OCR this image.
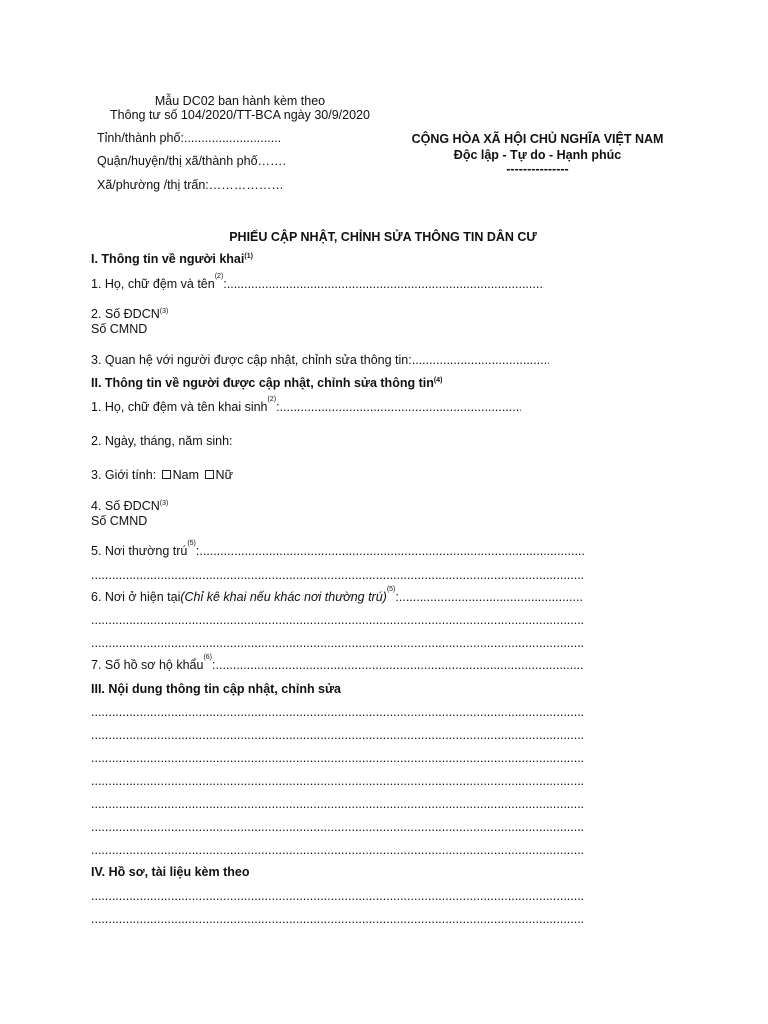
Mẫu DC02 ban hành kèm theo
Thông tư số 104/2020/TT-BCA ngày 30/9/2020
Tỉnh/thành phố:............................
Quận/huyện/thị xã/thành phố…….
Xã/phường /thị trấn:………………
CỘNG HÒA XÃ HỘI CHỦ NGHĨA VIỆT NAM
Độc lập - Tự do - Hạnh phúc
---------------
PHIẾU CẬP NHẬT, CHỈNH SỬA THÔNG TIN DÂN CƯ
I. Thông tin về người khai$^{(1)}$
1. Họ, chữ đệm và tên
(2)
:
.....
2. Số ĐDCN$^{(3)}$
Số CMND
3. Quan hệ với người được cập nhật, chỉnh sửa thông tin:
.....
II. Thông tin về người được cập nhật, chỉnh sửa thông tin$^{(4)}$
1. Họ, chữ đệm và tên khai sinh
(2)
:
.....
2. Ngày, tháng, năm sinh:
3. Giới tính: Nam Nữ
4. Số ĐDCN$^{(3)}$
Số CMND
5. Nơi thường trú
(5)
:
.....
.....
6. Nơi ở hiện tại (Chỉ kê khai nếu khác nơi thường trú)
(5)
:
.....
.....
.....
7. Số hồ sơ hộ khẩu
(6)
:
.....
III. Nội dung thông tin cập nhật, chỉnh sửa
.....
.....
.....
.....
.....
.....
.....
IV. Hồ sơ, tài liệu kèm theo
.....
.....
